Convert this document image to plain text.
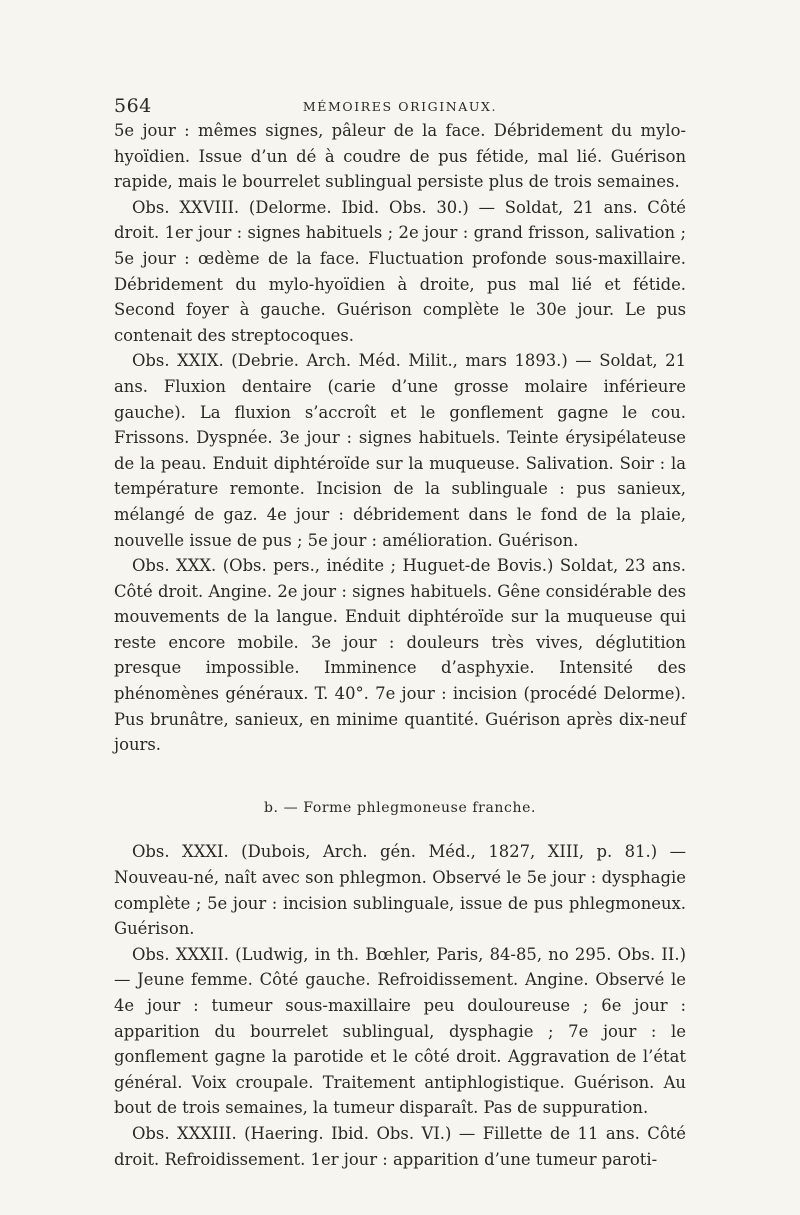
564	MÉMOIRES ORIGINAUX.

5e jour : mêmes signes, pâleur de la face. Débridement du mylo-hyoïdien. Issue d’un dé à coudre de pus fétide, mal lié. Guérison rapide, mais le bourrelet sublingual persiste plus de trois semaines.

Obs. XXVIII. (Delorme. Ibid. Obs. 30.) — Soldat, 21 ans. Côté droit. 1er jour : signes habituels ; 2e jour : grand frisson, salivation ; 5e jour : œdème de la face. Fluctuation profonde sous-maxillaire. Débridement du mylo-hyoïdien à droite, pus mal lié et fétide. Second foyer à gauche. Guérison complète le 30e jour. Le pus contenait des streptocoques.

Obs. XXIX. (Debrie. Arch. Méd. Milit., mars 1893.) — Soldat, 21 ans. Fluxion dentaire (carie d’une grosse molaire inférieure gauche). La fluxion s’accroît et le gonflement gagne le cou. Frissons. Dyspnée. 3e jour : signes habituels. Teinte érysipélateuse de la peau. Enduit diphtéroïde sur la muqueuse. Salivation. Soir : la température remonte. Incision de la sublinguale : pus sanieux, mélangé de gaz. 4e jour : débridement dans le fond de la plaie, nouvelle issue de pus ; 5e jour : amélioration. Guérison.

Obs. XXX. (Obs. pers., inédite ; Huguet-de Bovis.) Soldat, 23 ans. Côté droit. Angine. 2e jour : signes habituels. Gêne considérable des mouvements de la langue. Enduit diphtéroïde sur la muqueuse qui reste encore mobile. 3e jour : douleurs très vives, déglutition presque impossible. Imminence d’asphyxie. Intensité des phénomènes généraux. T. 40°. 7e jour : incision (procédé Delorme). Pus brunâtre, sanieux, en minime quantité. Guérison après dix-neuf jours.

b. — Forme phlegmoneuse franche.

Obs. XXXI. (Dubois, Arch. gén. Méd., 1827, XIII, p. 81.) — Nouveau-né, naît avec son phlegmon. Observé le 5e jour : dysphagie complète ; 5e jour : incision sublinguale, issue de pus phlegmoneux. Guérison.

Obs. XXXII. (Ludwig, in th. Bœhler, Paris, 84-85, no 295. Obs. II.) — Jeune femme. Côté gauche. Refroidissement. Angine. Observé le 4e jour : tumeur sous-maxillaire peu douloureuse ; 6e jour : apparition du bourrelet sublingual, dysphagie ; 7e jour : le gonflement gagne la parotide et le côté droit. Aggravation de l’état général. Voix croupale. Traitement antiphlogistique. Guérison. Au bout de trois semaines, la tumeur disparaît. Pas de suppuration.

Obs. XXXIII. (Haering. Ibid. Obs. VI.) — Fillette de 11 ans. Côté droit. Refroidissement. 1er jour : apparition d’une tumeur paroti-
